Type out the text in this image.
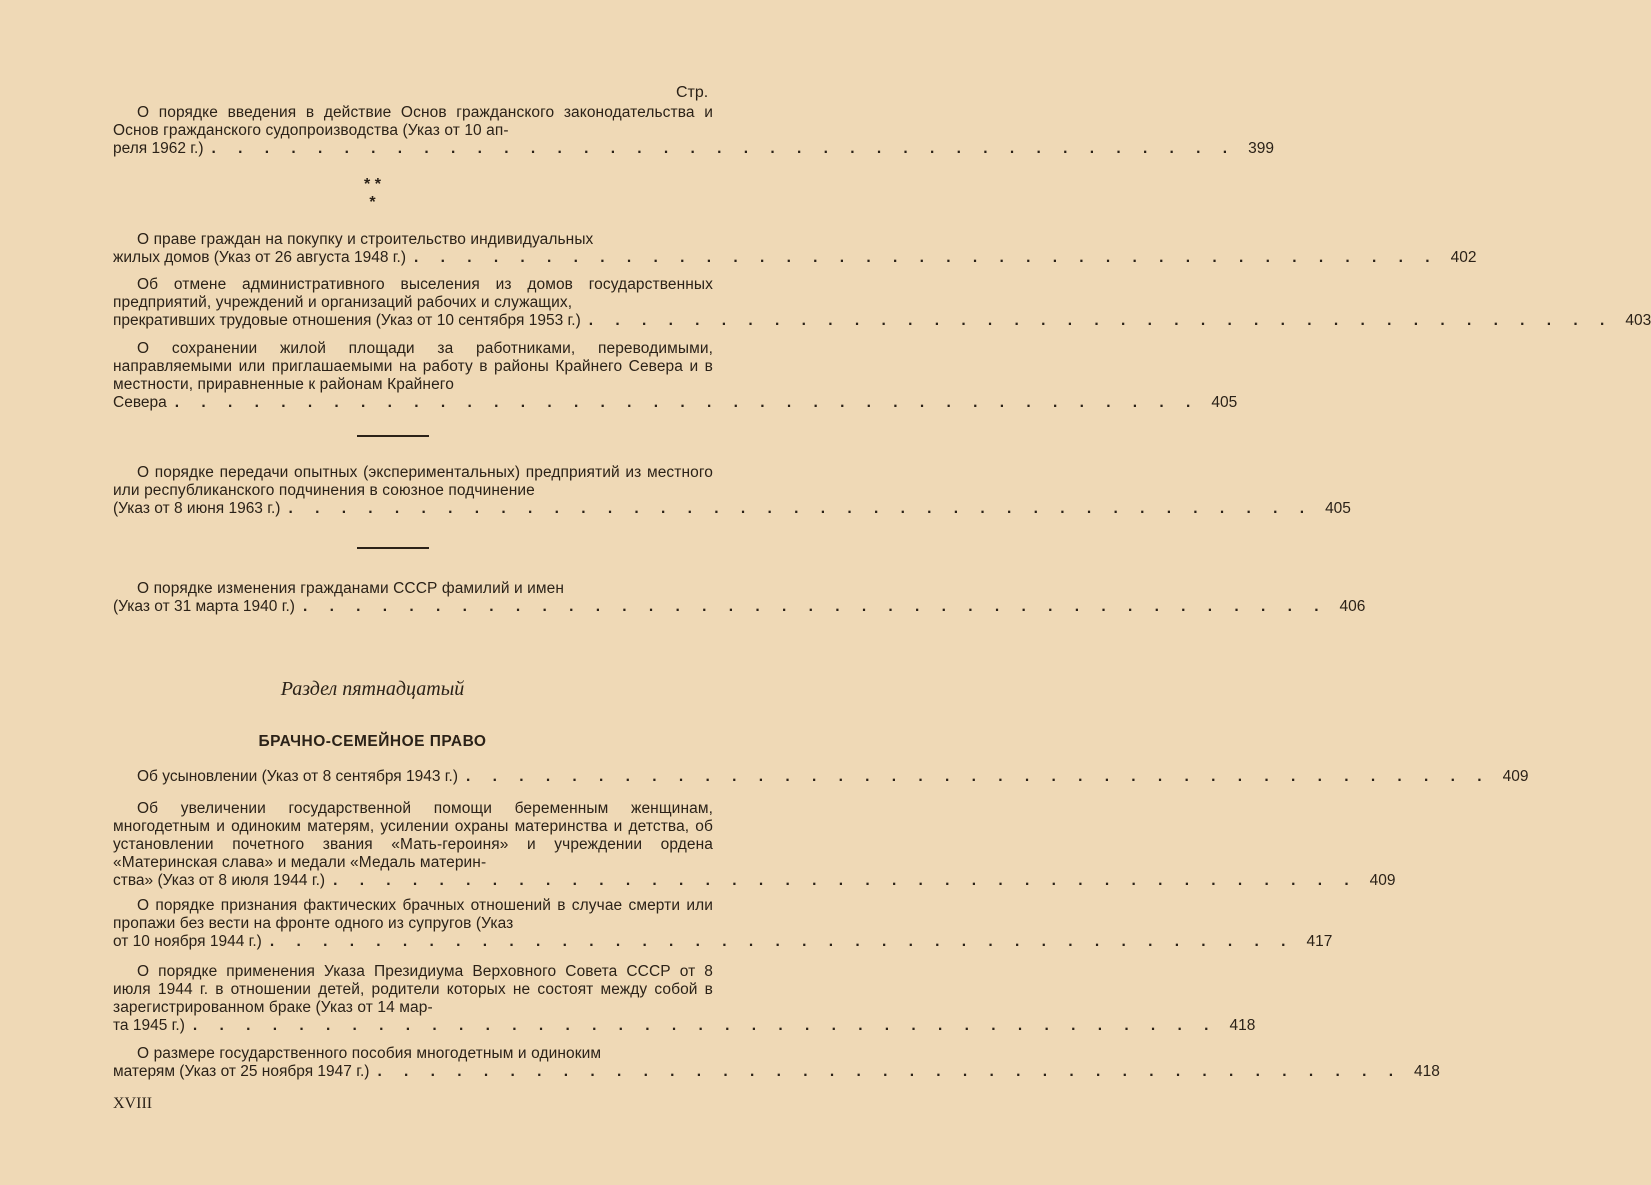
Стр.
О порядке введения в действие Основ гражданского законодательства и Основ гражданского судопроизводства (Указ от 10 ап-
реля 1962 г.) . . . . . . . . . . . . . . . . . . . . . . . . . . . . . . . . . . . . . . . 399
* *
*
О праве граждан на покупку и строительство индивидуальных
жилых домов (Указ от 26 августа 1948 г.) . . . . . . . . . . . . . . . . . . . . . . . . . . . . . . . . . . . . . . . 402
Об отмене административного выселения из домов государственных предприятий, учреждений и организаций рабочих и служащих,
прекративших трудовые отношения (Указ от 10 сентября 1953 г.) . . . . . . . . . . . . . . . . . . . . . . . . . . . . . . . . . . . . . . . 403
О сохранении жилой площади за работниками, переводимыми, направляемыми или приглашаемыми на работу в районы Крайнего Севера и в местности, приравненные к районам Крайнего
Севера . . . . . . . . . . . . . . . . . . . . . . . . . . . . . . . . . . . . . . . 405
О порядке передачи опытных (экспериментальных) предприятий из местного или республиканского подчинения в союзное подчинение
(Указ от 8 июня 1963 г.) . . . . . . . . . . . . . . . . . . . . . . . . . . . . . . . . . . . . . . . 405
О порядке изменения гражданами СССР фамилий и имен
(Указ от 31 марта 1940 г.) . . . . . . . . . . . . . . . . . . . . . . . . . . . . . . . . . . . . . . . 406
Раздел пятнадцатый
БРАЧНО-СЕМЕЙНОЕ ПРАВО
Об усыновлении (Указ от 8 сентября 1943 г.) . . . . . . . . . . . . . . . . . . . . . . . . . . . . . . . . . . . . . . . 409
Об увеличении государственной помощи беременным женщинам, многодетным и одиноким матерям, усилении охраны материнства и детства, об установлении почетного звания «Мать-героиня» и учреждении ордена «Материнская слава» и медали «Медаль материн-
ства» (Указ от 8 июля 1944 г.) . . . . . . . . . . . . . . . . . . . . . . . . . . . . . . . . . . . . . . . 409
О порядке признания фактических брачных отношений в случае смерти или пропажи без вести на фронте одного из супругов (Указ
от 10 ноября 1944 г.) . . . . . . . . . . . . . . . . . . . . . . . . . . . . . . . . . . . . . . . 417
О порядке применения Указа Президиума Верховного Совета СССР от 8 июля 1944 г. в отношении детей, родители которых не состоят между собой в зарегистрированном браке (Указ от 14 мар-
та 1945 г.) . . . . . . . . . . . . . . . . . . . . . . . . . . . . . . . . . . . . . . . 418
О размере государственного пособия многодетным и одиноким
матерям (Указ от 25 ноября 1947 г.) . . . . . . . . . . . . . . . . . . . . . . . . . . . . . . . . . . . . . . . 418
XVIII
